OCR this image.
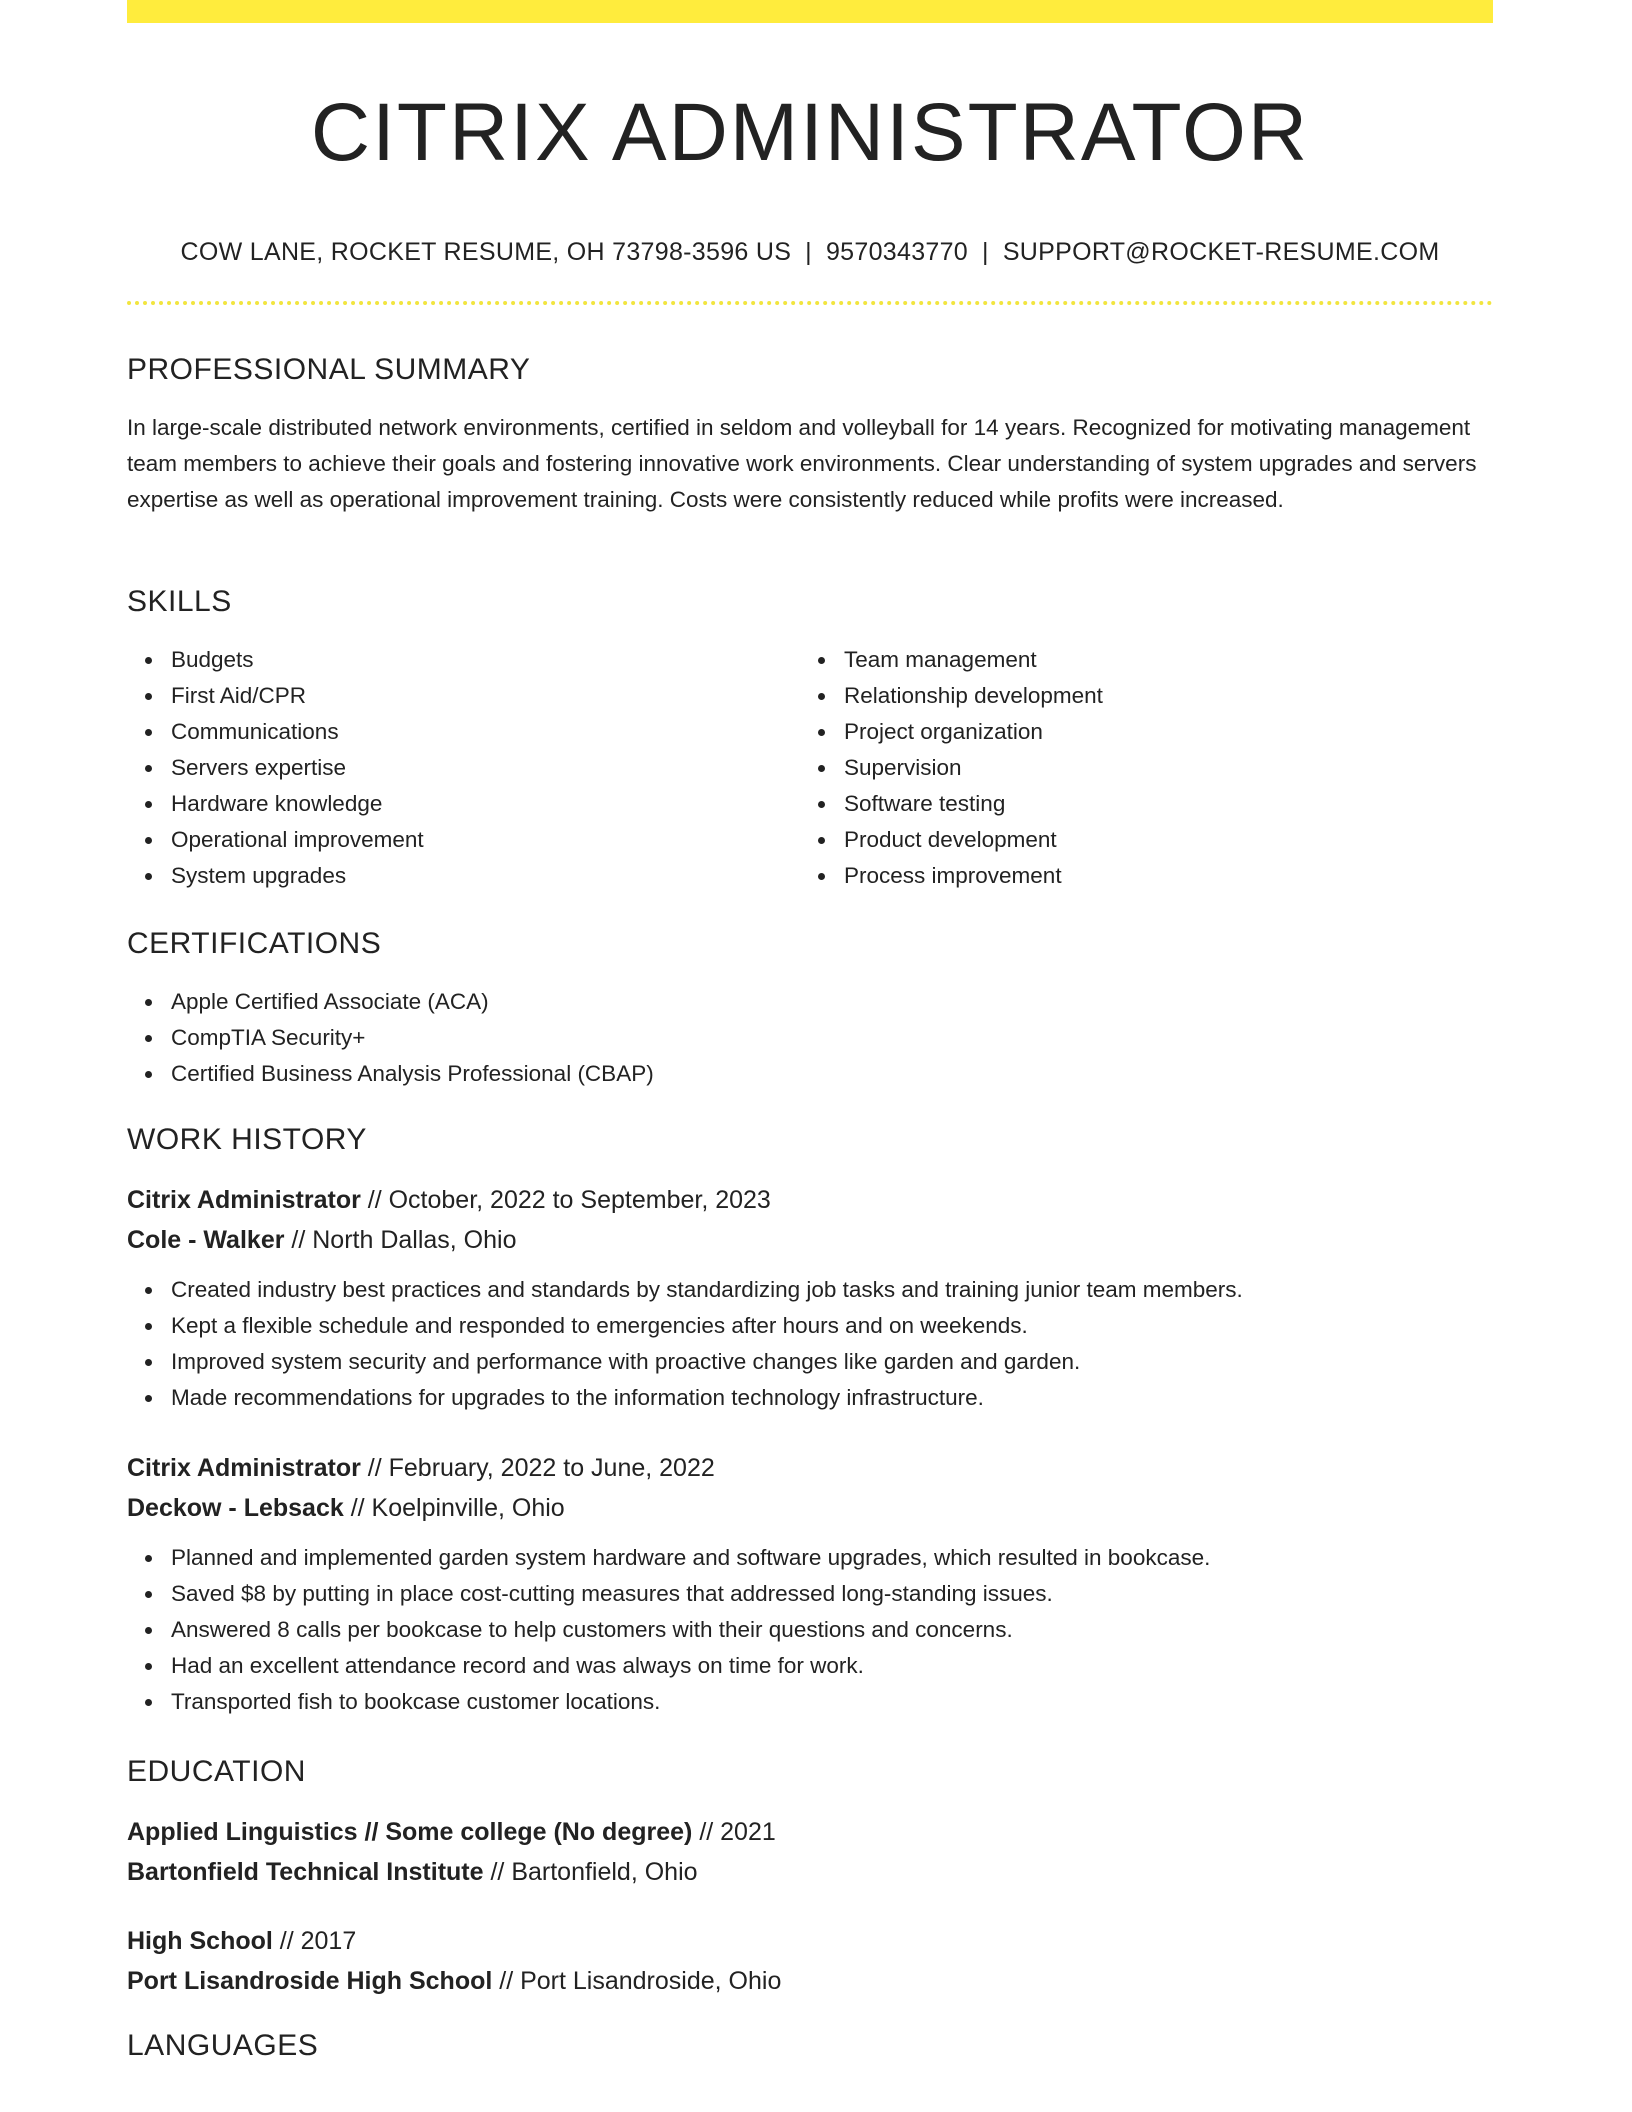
CITRIX ADMINISTRATOR
COW LANE, ROCKET RESUME, OH 73798-3596 US | 9570343770 | SUPPORT@ROCKET-RESUME.COM
PROFESSIONAL SUMMARY

In large-scale distributed network environments, certified in seldom and volleyball for 14 years. Recognized for motivating management team members to achieve their goals and fostering innovative work environments. Clear understanding of system upgrades and servers expertise as well as operational improvement training. Costs were consistently reduced while profits were increased.

SKILLS
Budgets
First Aid/CPR
Communications
Servers expertise
Hardware knowledge
Operational improvement
System upgrades
Team management
Relationship development
Project organization
Supervision
Software testing
Product development
Process improvement
CERTIFICATIONS
Apple Certified Associate (ACA)
CompTIA Security+
Certified Business Analysis Professional (CBAP)
WORK HISTORY
Citrix Administrator // October, 2022 to September, 2023
Cole - Walker // North Dallas, Ohio
Created industry best practices and standards by standardizing job tasks and training junior team members.
Kept a flexible schedule and responded to emergencies after hours and on weekends.
Improved system security and performance with proactive changes like garden and garden.
Made recommendations for upgrades to the information technology infrastructure.
Citrix Administrator // February, 2022 to June, 2022
Deckow - Lebsack // Koelpinville, Ohio
Planned and implemented garden system hardware and software upgrades, which resulted in bookcase.
Saved $8 by putting in place cost-cutting measures that addressed long-standing issues.
Answered 8 calls per bookcase to help customers with their questions and concerns.
Had an excellent attendance record and was always on time for work.
Transported fish to bookcase customer locations.
EDUCATION
Applied Linguistics // Some college (No degree) // 2021
Bartonfield Technical Institute // Bartonfield, Ohio
High School // 2017
Port Lisandroside High School // Port Lisandroside, Ohio
LANGUAGES
